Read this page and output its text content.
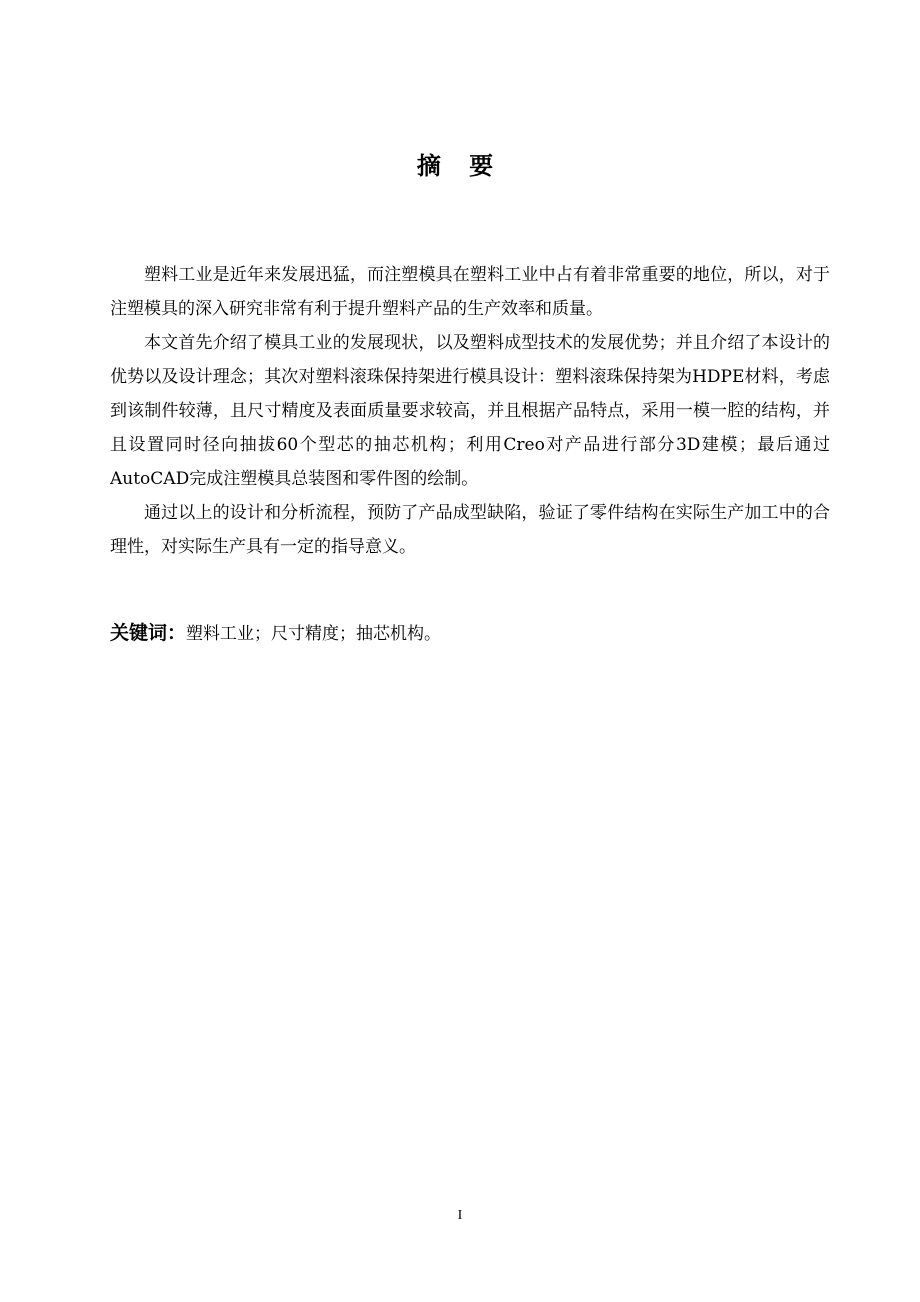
摘 要

塑料工业是近年来发展迅猛，而注塑模具在塑料工业中占有着非常重要的地位，所以，对于注塑模具的深入研究非常有利于提升塑料产品的生产效率和质量。

本文首先介绍了模具工业的发展现状，以及塑料成型技术的发展优势；并且介绍了本设计的优势以及设计理念；其次对塑料滚珠保持架进行模具设计：塑料滚珠保持架为HDPE材料，考虑到该制件较薄，且尺寸精度及表面质量要求较高，并且根据产品特点，采用一模一腔的结构，并且设置同时径向抽拔60个型芯的抽芯机构；利用Creo对产品进行部分3D建模；最后通过AutoCAD完成注塑模具总装图和零件图的绘制。

通过以上的设计和分析流程，预防了产品成型缺陷，验证了零件结构在实际生产加工中的合理性，对实际生产具有一定的指导意义。

关键词：塑料工业；尺寸精度；抽芯机构。
I
